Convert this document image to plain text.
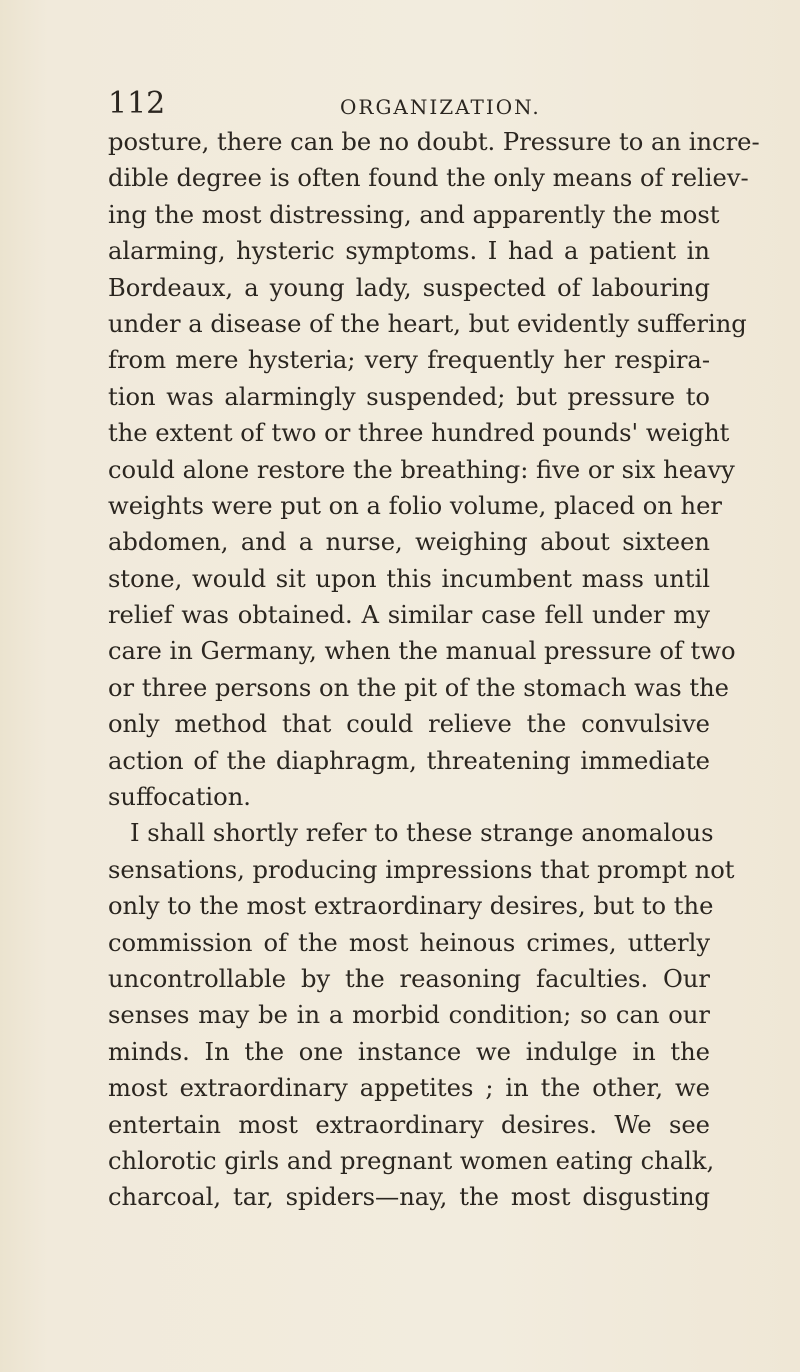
112	ORGANIZATION.
posture, there can be no doubt. Pressure to an incre-
dible degree is often found the only means of reliev-
ing the most distressing, and apparently the most
alarming, hysteric symptoms. I had a patient in
Bordeaux, a young lady, suspected of labouring
under a disease of the heart, but evidently suffering
from mere hysteria; very frequently her respira-
tion was alarmingly suspended; but pressure to
the extent of two or three hundred pounds' weight
could alone restore the breathing: five or six heavy
weights were put on a folio volume, placed on her
abdomen, and a nurse, weighing about sixteen
stone, would sit upon this incumbent mass until
relief was obtained. A similar case fell under my
care in Germany, when the manual pressure of two
or three persons on the pit of the stomach was the
only method that could relieve the convulsive
action of the diaphragm, threatening immediate
suffocation.
I shall shortly refer to these strange anomalous
sensations, producing impressions that prompt not
only to the most extraordinary desires, but to the
commission of the most heinous crimes, utterly
uncontrollable by the reasoning faculties. Our
senses may be in a morbid condition; so can our
minds. In the one instance we indulge in the
most extraordinary appetites ; in the other, we
entertain most extraordinary desires. We see
chlorotic girls and pregnant women eating chalk,
charcoal, tar, spiders—nay, the most disgusting
